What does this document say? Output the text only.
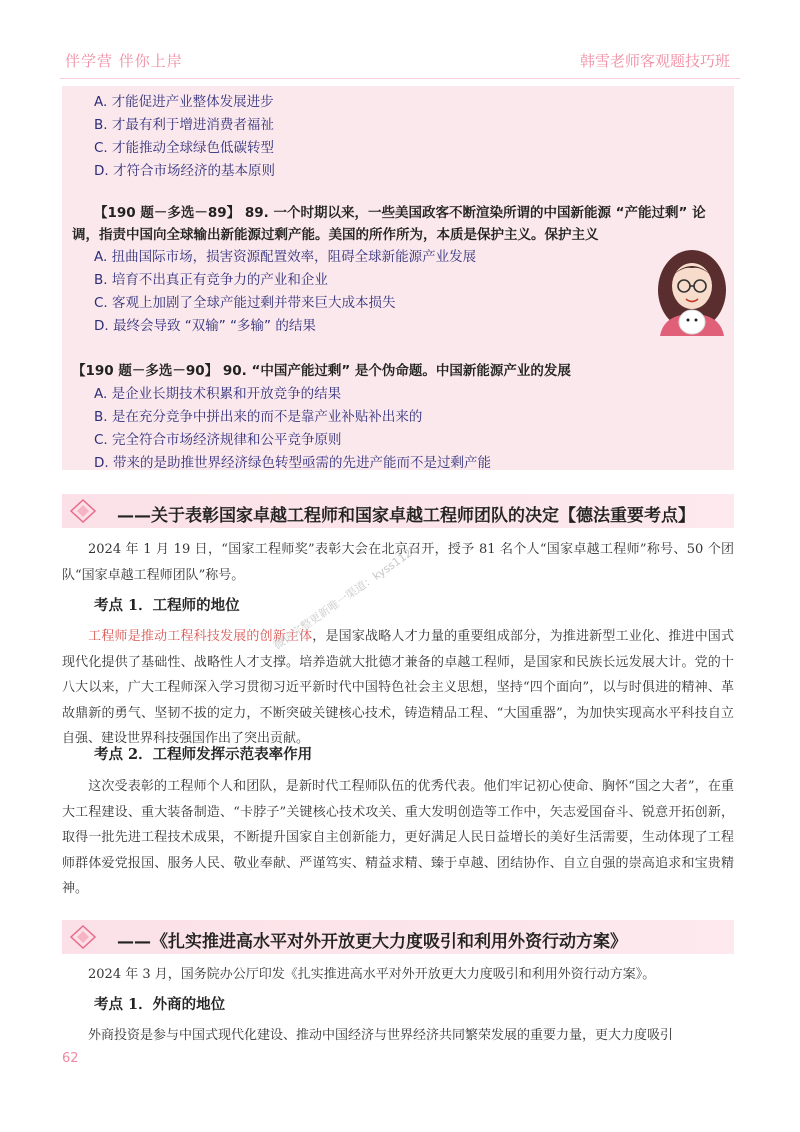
伴学营 伴你上岸	韩雪老师客观题技巧班
A. 才能促进产业整体发展进步
B. 才最有利于增进消费者福祉
C. 才能推动全球绿色低碳转型
D. 才符合市场经济的基本原则
【190 题－多选－89】 89. 一个时期以来，一些美国政客不断渲染所谓的中国新能源 “产能过剩” 论调，指责中国向全球输出新能源过剩产能。美国的所作所为，本质是保护主义。保护主义
A. 扭曲国际市场，损害资源配置效率，阻碍全球新能源产业发展
B. 培育不出真正有竞争力的产业和企业
C. 客观上加剧了全球产能过剩并带来巨大成本损失
D. 最终会导致 “双输” “多输” 的结果
【190 题－多选－90】 90. “中国产能过剩” 是个伪命题。中国新能源产业的发展
A. 是企业长期技术积累和开放竞争的结果
B. 是在充分竞争中拼出来的而不是靠产业补贴补出来的
C. 完全符合市场经济规律和公平竞争原则
D. 带来的是助推世界经济绿色转型亟需的先进产能而不是过剩产能
——关于表彰国家卓越工程师和国家卓越工程师团队的决定【德法重要考点】
2024 年 1 月 19 日，“国家工程师奖”表彰大会在北京召开，授予 81 名个人“国家卓越工程师”称号、50 个团队“国家卓越工程师团队”称号。
考点 1．工程师的地位
工程师是推动工程科技发展的创新主体，是国家战略人才力量的重要组成部分，为推进新型工业化、推进中国式现代化提供了基础性、战略性人才支撑。培养造就大批德才兼备的卓越工程师，是国家和民族长远发展大计。党的十八大以来，广大工程师深入学习贯彻习近平新时代中国特色社会主义思想，坚持“四个面向”，以与时俱进的精神、革故鼎新的勇气、坚韧不拔的定力，不断突破关键核心技术，铸造精品工程、“大国重器”，为加快实现高水平科技自立自强、建设世界科技强国作出了突出贡献。
考点 2．工程师发挥示范表率作用
这次受表彰的工程师个人和团队，是新时代工程师队伍的优秀代表。他们牢记初心使命、胸怀“国之大者”，在重大工程建设、重大装备制造、“卡脖子”关键核心技术攻关、重大发明创造等工作中，矢志爱国奋斗、锐意开拓创新，取得一批先进工程技术成果，不断提升国家自主创新能力，更好满足人民日益增长的美好生活需要，生动体现了工程师群体爱党报国、服务人民、敬业奉献、严谨笃实、精益求精、臻于卓越、团结协作、自立自强的崇高追求和宝贵精神。
——《扎实推进高水平对外开放更大力度吸引和利用外资行动方案》
2024 年 3 月，国务院办公厅印发《扎实推进高水平对外开放更大力度吸引和利用外资行动方案》。
考点 1．外商的地位
外商投资是参与中国式现代化建设、推动中国经济与世界经济共同繁荣发展的重要力量，更大力度吸引
62
微信完整更新唯一渠道：kyss1121
